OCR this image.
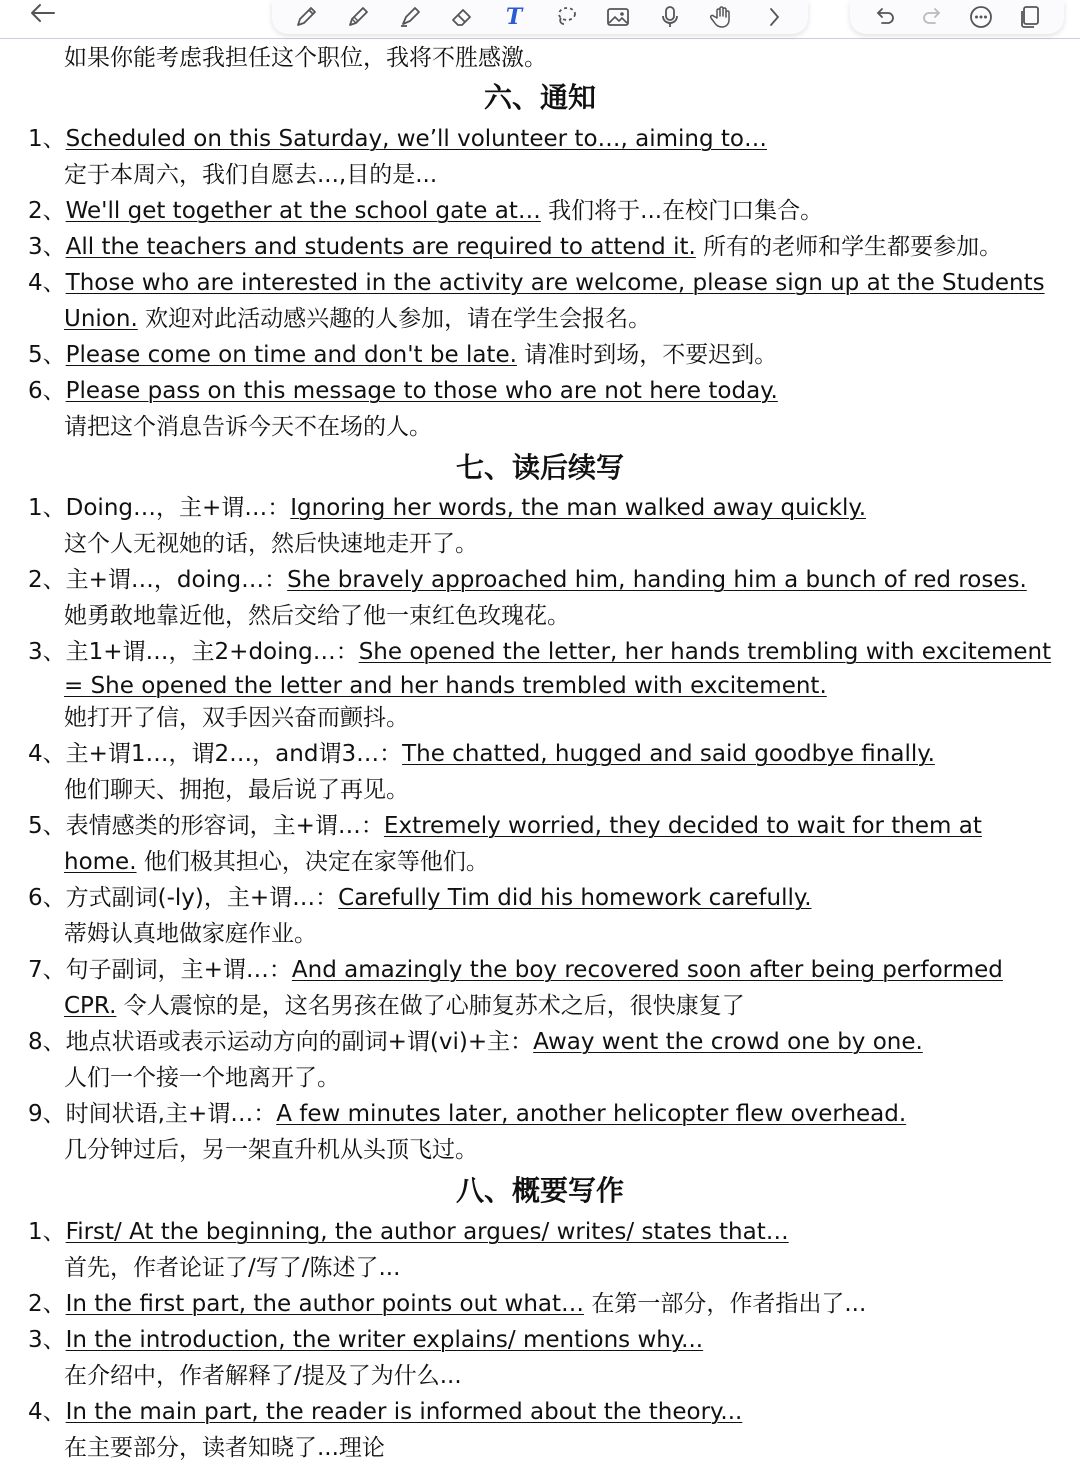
T
如果你能考虑我担任这个职位，我将不胜感激。
六、通知
1、Scheduled on this Saturday, we’ll volunteer to…, aiming to…
定于本周六，我们自愿去...,目的是...
2、We'll get together at the school gate at… 我们将于...在校门口集合。
3、All the teachers and students are required to attend it. 所有的老师和学生都要参加。
4、Those who are interested in the activity are welcome, please sign up at the Students
Union. 欢迎对此活动感兴趣的人参加，请在学生会报名。
5、Please come on time and don't be late. 请准时到场，不要迟到。
6、Please pass on this message to those who are not here today.
请把这个消息告诉今天不在场的人。
七、读后续写
1、Doing…，主+谓…：Ignoring her words, the man walked away quickly.
这个人无视她的话，然后快速地走开了。
2、主+谓…，doing…：She bravely approached him, handing him a bunch of red roses.
她勇敢地靠近他，然后交给了他一束红色玫瑰花。
3、主1+谓…，主2+doing…：She opened the letter, her hands trembling with excitement
= She opened the letter and her hands trembled with excitement.
她打开了信，双手因兴奋而颤抖。
4、主+谓1…，谓2…，and谓3…：The chatted, hugged and said goodbye finally.
他们聊天、拥抱，最后说了再见。
5、表情感类的形容词，主+谓…：Extremely worried, they decided to wait for them at
home. 他们极其担心，决定在家等他们。
6、方式副词(-ly)，主+谓…：Carefully Tim did his homework carefully.
蒂姆认真地做家庭作业。
7、句子副词，主+谓…：And amazingly the boy recovered soon after being performed
CPR. 令人震惊的是，这名男孩在做了心肺复苏术之后，很快康复了
8、地点状语或表示运动方向的副词+谓(vi)+主：Away went the crowd one by one.
人们一个接一个地离开了。
9、时间状语,主+谓…：A few minutes later, another helicopter flew overhead.
几分钟过后，另一架直升机从头顶飞过。
八、概要写作
1、First/ At the beginning, the author argues/ writes/ states that…
首先，作者论证了/写了/陈述了...
2、In the first part, the author points out what… 在第一部分，作者指出了...
3、In the introduction, the writer explains/ mentions why...
在介绍中，作者解释了/提及了为什么...
4、In the main part, the reader is informed about the theory...
在主要部分，读者知晓了...理论
